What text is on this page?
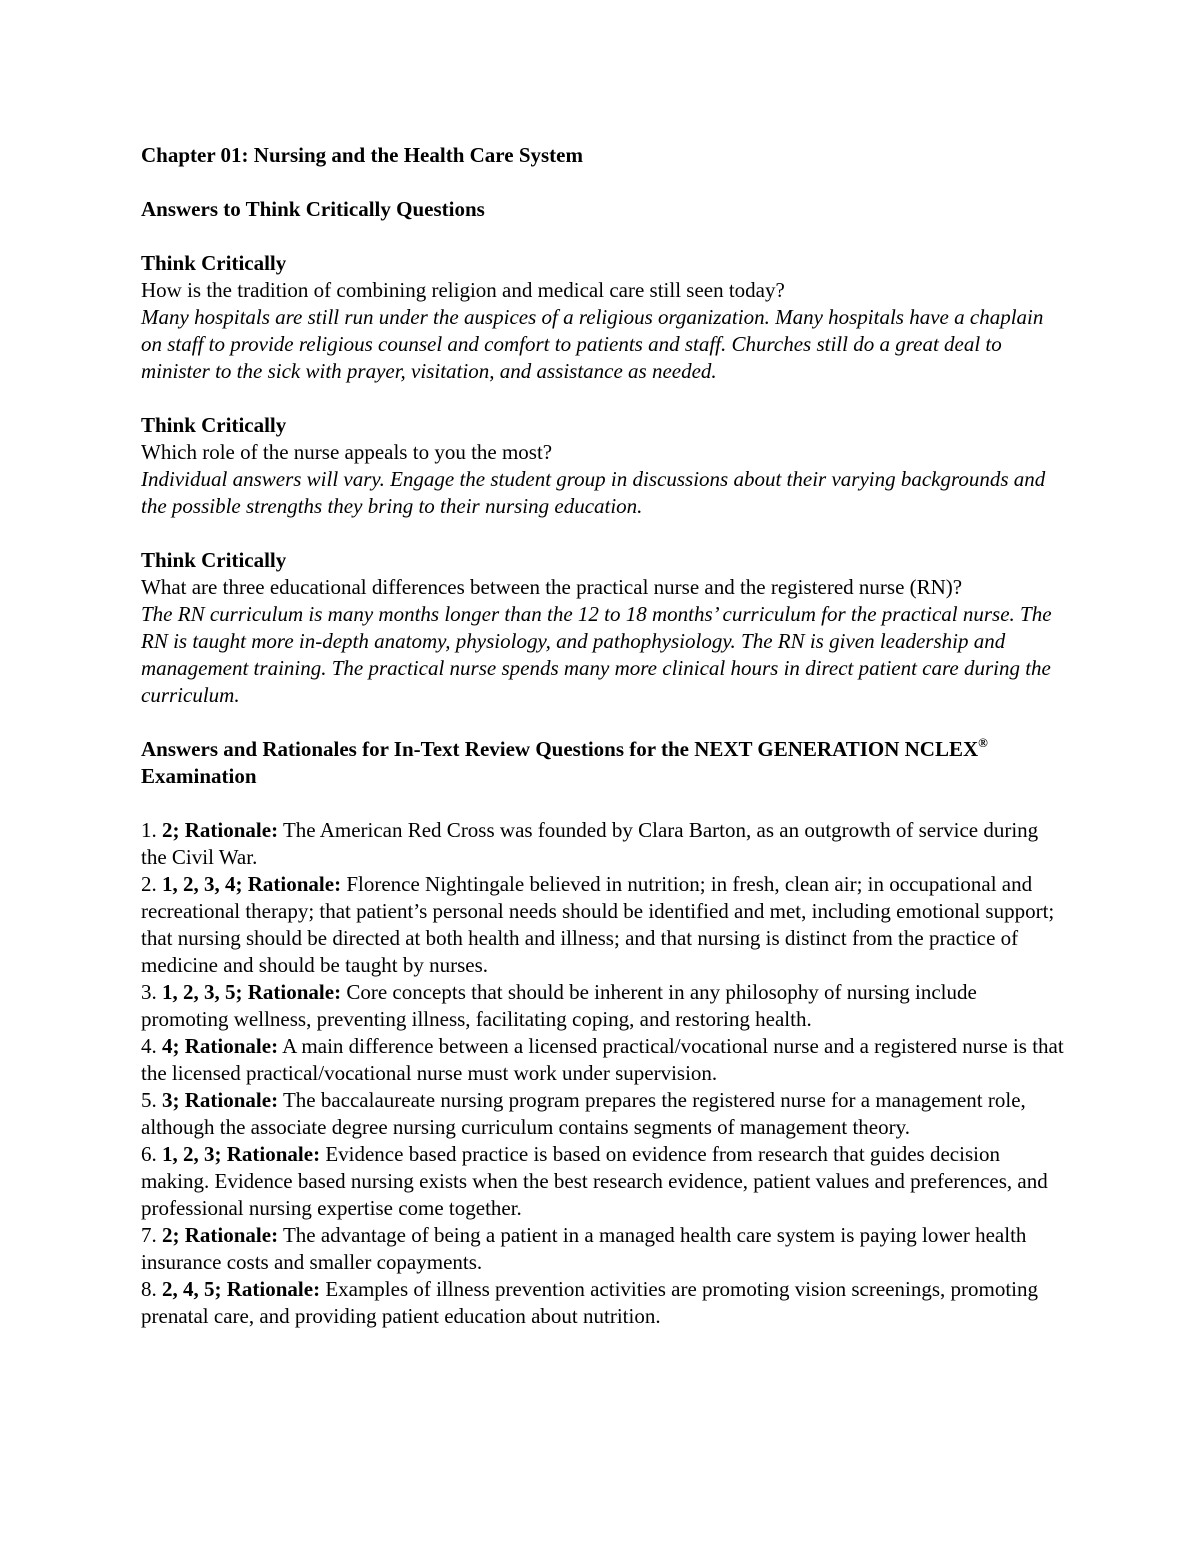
Chapter 01: Nursing and the Health Care System

Answers to Think Critically Questions

Think Critically

How is the tradition of combining religion and medical care still seen today?

Many hospitals are still run under the auspices of a religious organization. Many hospitals have a chaplain on staff to provide religious counsel and comfort to patients and staff. Churches still do a great deal to minister to the sick with prayer, visitation, and assistance as needed.

Think Critically

Which role of the nurse appeals to you the most?

Individual answers will vary. Engage the student group in discussions about their varying backgrounds and the possible strengths they bring to their nursing education.

Think Critically

What are three educational differences between the practical nurse and the registered nurse (RN)?

The RN curriculum is many months longer than the 12 to 18 months’ curriculum for the practical nurse. The RN is taught more in-depth anatomy, physiology, and pathophysiology. The RN is given leadership and management training. The practical nurse spends many more clinical hours in direct patient care during the curriculum.

Answers and Rationales for In-Text Review Questions for the NEXT GENERATION NCLEX® Examination

1. 2; Rationale: The American Red Cross was founded by Clara Barton, as an outgrowth of service during the Civil War.

2. 1, 2, 3, 4; Rationale: Florence Nightingale believed in nutrition; in fresh, clean air; in occupational and recreational therapy; that patient’s personal needs should be identified and met, including emotional support; that nursing should be directed at both health and illness; and that nursing is distinct from the practice of medicine and should be taught by nurses.

3. 1, 2, 3, 5; Rationale: Core concepts that should be inherent in any philosophy of nursing include promoting wellness, preventing illness, facilitating coping, and restoring health.

4. 4; Rationale: A main difference between a licensed practical/vocational nurse and a registered nurse is that the licensed practical/vocational nurse must work under supervision.

5. 3; Rationale: The baccalaureate nursing program prepares the registered nurse for a management role, although the associate degree nursing curriculum contains segments of management theory.

6. 1, 2, 3; Rationale: Evidence based practice is based on evidence from research that guides decision making. Evidence based nursing exists when the best research evidence, patient values and preferences, and professional nursing expertise come together.

7. 2; Rationale: The advantage of being a patient in a managed health care system is paying lower health insurance costs and smaller copayments.

8. 2, 4, 5; Rationale: Examples of illness prevention activities are promoting vision screenings, promoting prenatal care, and providing patient education about nutrition.
